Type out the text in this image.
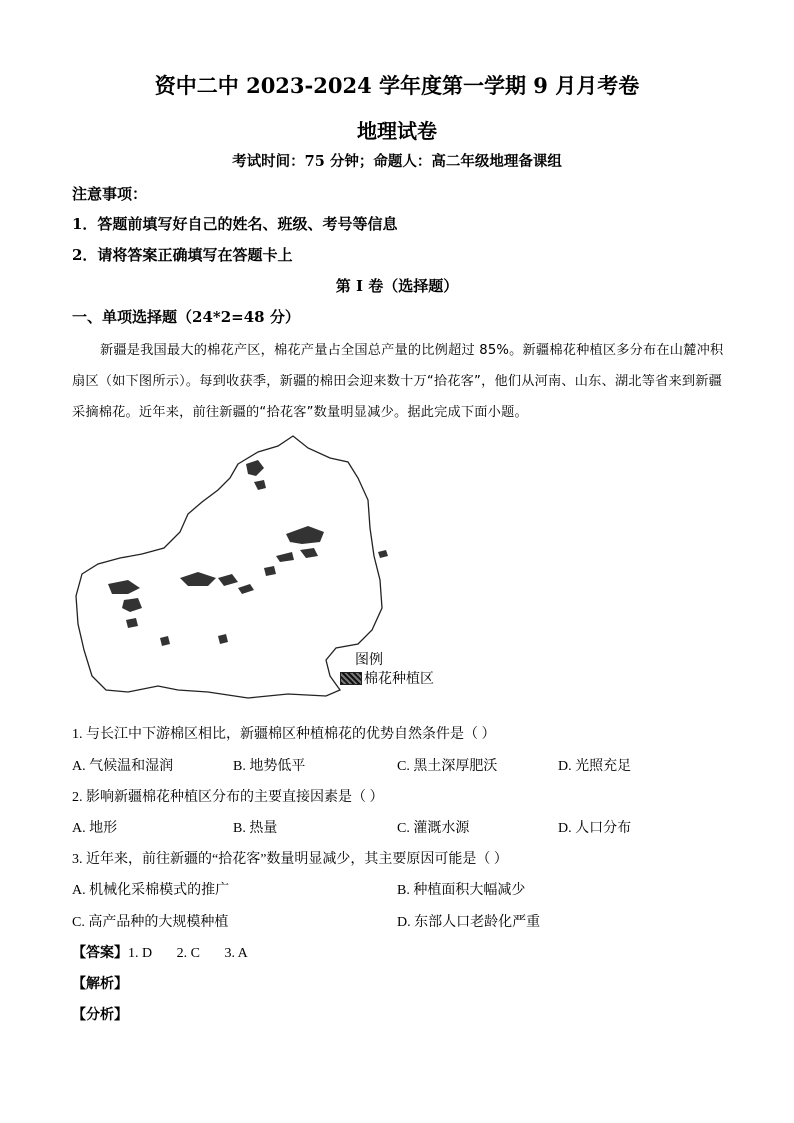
资中二中 2023-2024 学年度第一学期 9 月月考卷
地理试卷
考试时间：75 分钟；命题人：高二年级地理备课组
注意事项：
1．答题前填写好自己的姓名、班级、考号等信息
2．请将答案正确填写在答题卡上
第 I 卷（选择题）
一、单项选择题（24*2=48 分）
新疆是我国最大的棉花产区，棉花产量占全国总产量的比例超过 85%。新疆棉花种植区多分布在山麓冲积扇区（如下图所示）。每到收获季，新疆的棉田会迎来数十万“拾花客”，他们从河南、山东、湖北等省来到新疆采摘棉花。近年来，前往新疆的“拾花客”数量明显减少。据此完成下面小题。
图例
棉花种植区
1. 与长江中下游棉区相比，新疆棉区种植棉花的优势自然条件是（ ）
A. 气候温和湿润	B. 地势低平	C. 黑土深厚肥沃	D. 光照充足
2. 影响新疆棉花种植区分布的主要直接因素是（ ）
A. 地形	B. 热量	C. 灌溉水源	D. 人口分布
3. 近年来，前往新疆的“拾花客”数量明显减少，其主要原因可能是（ ）
A. 机械化采棉模式的推广	B. 种植面积大幅减少
C. 高产品种的大规模种植	D. 东部人口老龄化严重
【答案】1. D       2. C       3. A
【解析】
【分析】
